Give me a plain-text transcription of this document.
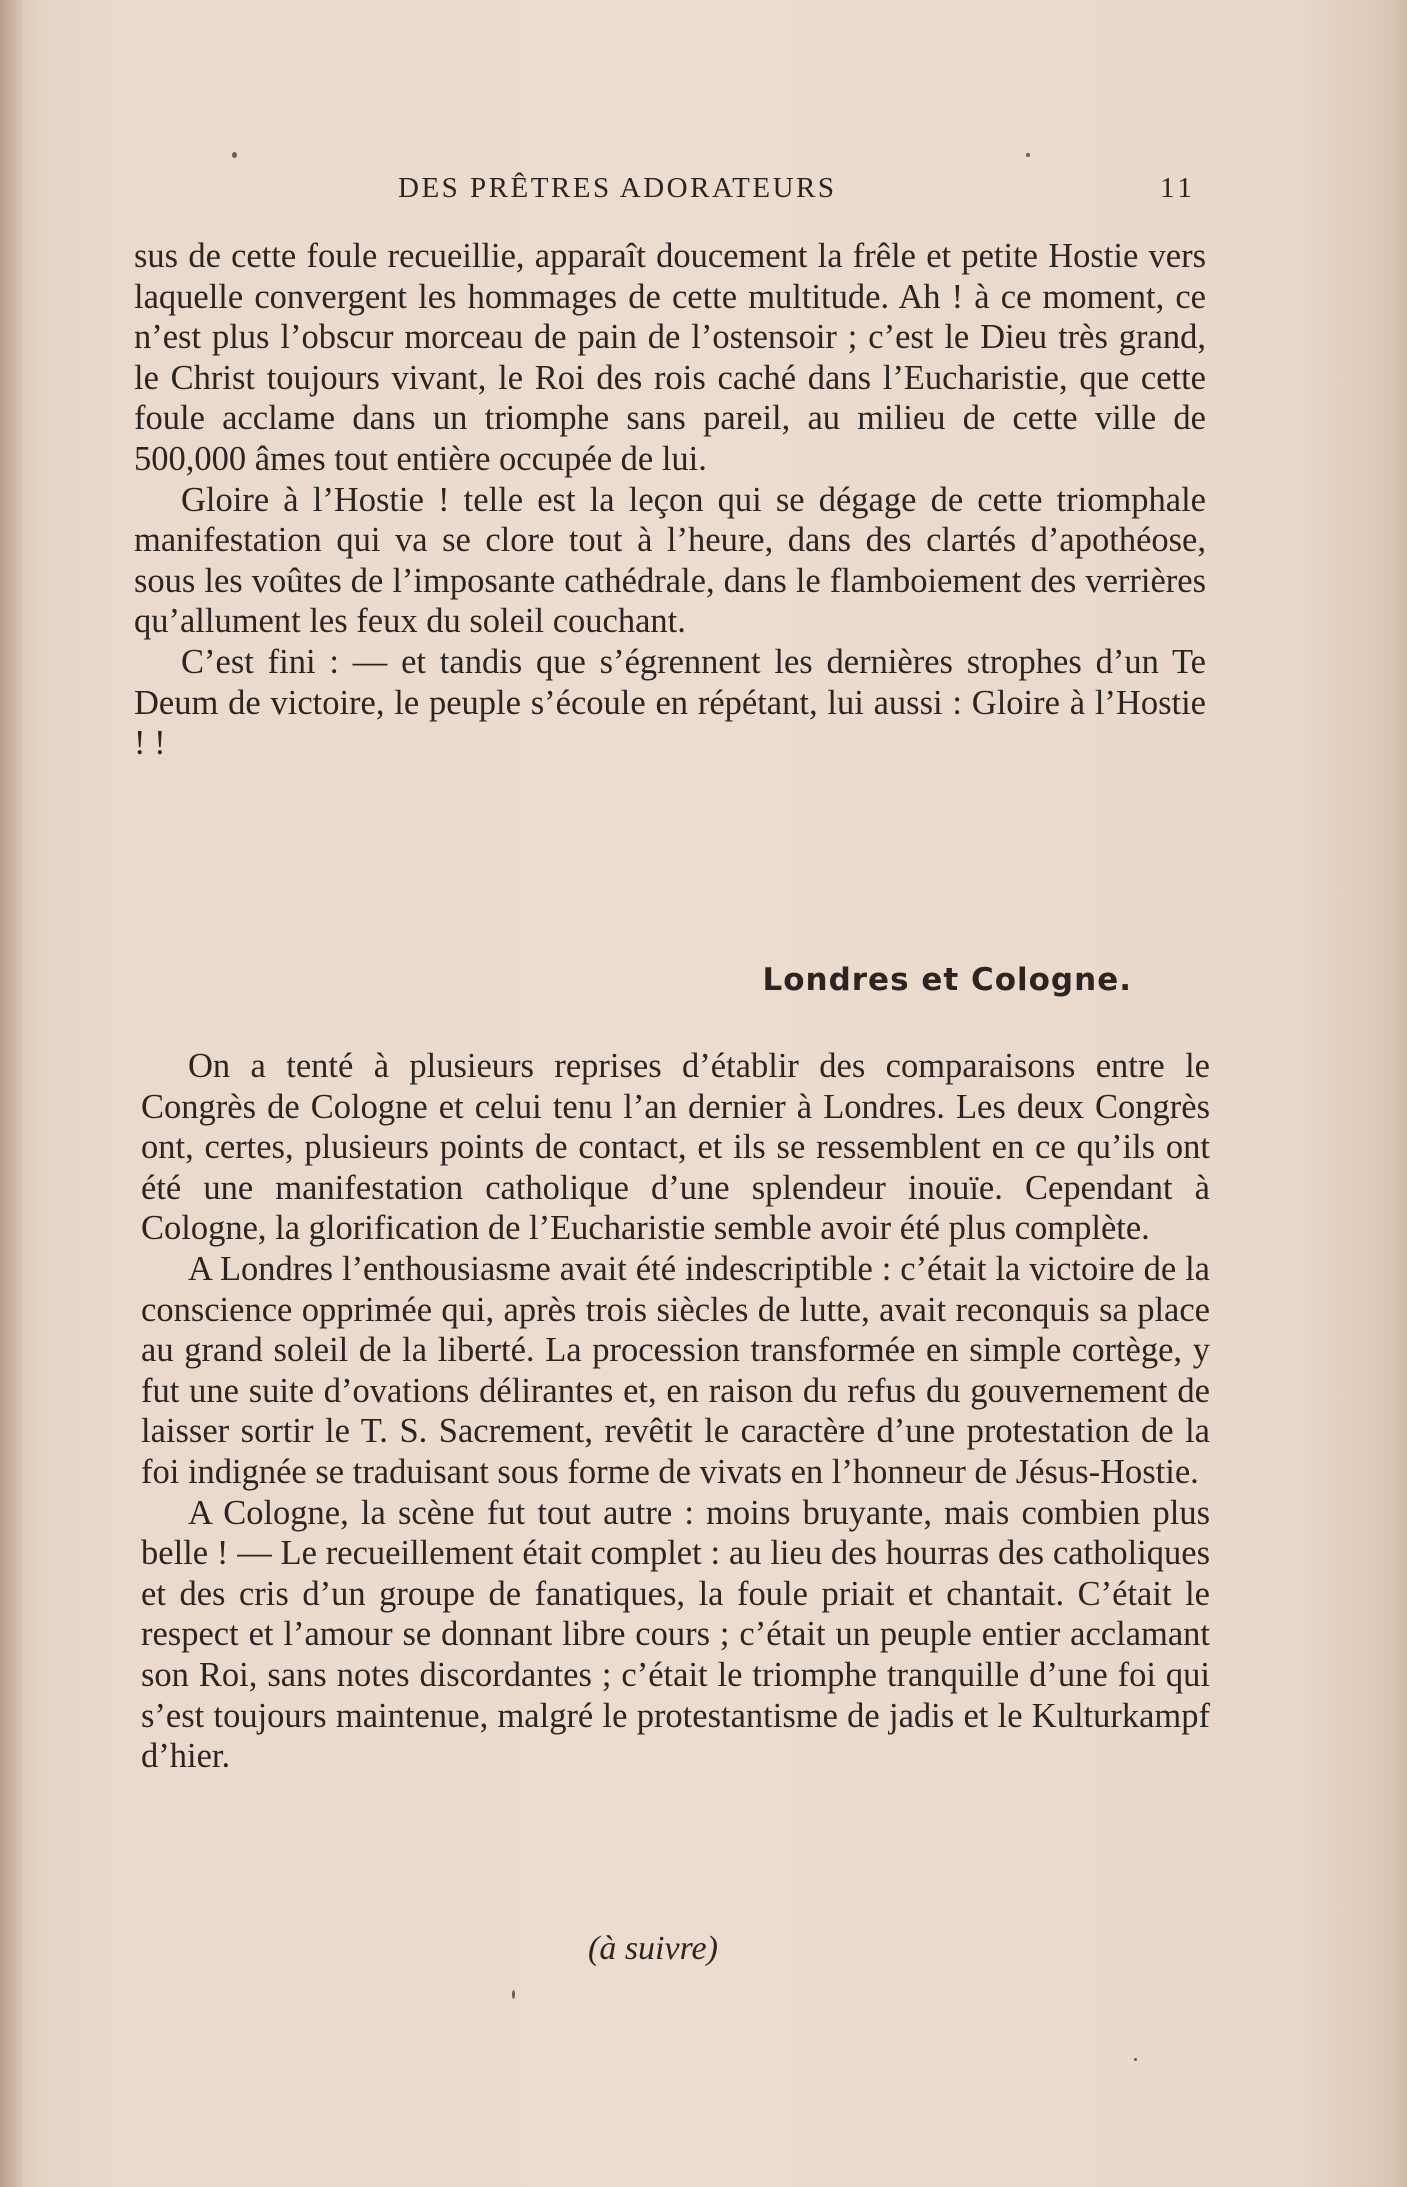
DES PRÊTRES ADORATEURS	11

sus de cette foule recueillie, apparaît doucement la frêle et petite Hostie vers laquelle convergent les hommages de cette multitude. Ah ! à ce moment, ce n’est plus l’obscur morceau de pain de l’ostensoir ; c’est le Dieu très grand, le Christ toujours vivant, le Roi des rois caché dans l’Eucharistie, que cette foule acclame dans un triomphe sans pareil, au milieu de cette ville de 500,000 âmes tout entière occupée de lui.

Gloire à l’Hostie ! telle est la leçon qui se dégage de cette triomphale manifestation qui va se clore tout à l’heure, dans des clartés d’apothéose, sous les voûtes de l’imposante cathédrale, dans le flamboiement des verrières qu’allument les feux du soleil couchant.

C’est fini : — et tandis que s’égrennent les dernières strophes d’un Te Deum de victoire, le peuple s’écoule en répétant, lui aussi : Gloire à l’Hostie ! !

Londres et Cologne.

On a tenté à plusieurs reprises d’établir des comparaisons entre le Congrès de Cologne et celui tenu l’an dernier à Londres. Les deux Congrès ont, certes, plusieurs points de contact, et ils se ressemblent en ce qu’ils ont été une manifestation catholique d’une splendeur inouïe. Cependant à Cologne, la glorification de l’Eucharistie semble avoir été plus complète.

A Londres l’enthousiasme avait été indescriptible : c’était la victoire de la conscience opprimée qui, après trois siècles de lutte, avait reconquis sa place au grand soleil de la liberté. La procession transformée en simple cortège, y fut une suite d’ovations délirantes et, en raison du refus du gouvernement de laisser sortir le T. S. Sacrement, revêtit le caractère d’une protestation de la foi indignée se traduisant sous forme de vivats en l’honneur de Jésus-Hostie.

A Cologne, la scène fut tout autre : moins bruyante, mais combien plus belle ! — Le recueillement était complet : au lieu des hourras des catholiques et des cris d’un groupe de fanatiques, la foule priait et chantait. C’était le respect et l’amour se donnant libre cours ; c’était un peuple entier acclamant son Roi, sans notes discordantes ; c’était le triomphe tranquille d’une foi qui s’est toujours maintenue, malgré le protestantisme de jadis et le Kulturkampf d’hier.

(à suivre)
